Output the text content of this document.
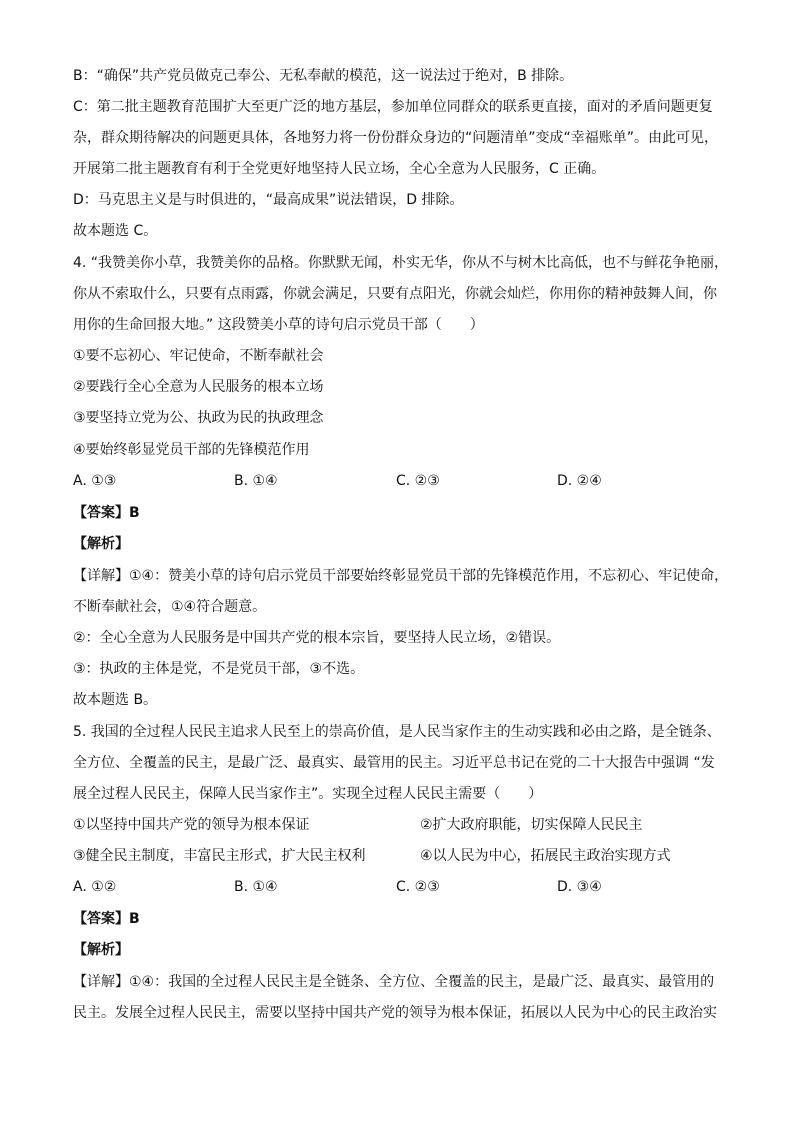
B：“确保”共产党员做克己奉公、无私奉献的模范，这一说法过于绝对，B 排除。
C：第二批主题教育范围扩大至更广泛的地方基层，参加单位同群众的联系更直接，面对的矛盾问题更复
杂，群众期待解决的问题更具体，各地努力将一份份群众身边的“问题清单”变成“幸福账单”。由此可见，
开展第二批主题教育有利于全党更好地坚持人民立场，全心全意为人民服务，C 正确。
D：马克思主义是与时俱进的，“最高成果”说法错误，D 排除。
故本题选 C。
4. “我赞美你小草，我赞美你的品格。你默默无闻，朴实无华，你从不与树木比高低，也不与鲜花争艳丽，
你从不索取什么，只要有点雨露，你就会满足，只要有点阳光，你就会灿烂，你用你的精神鼓舞人间，你
用你的生命回报大地。” 这段赞美小草的诗句启示党员干部（　　）
①要不忘初心、牢记使命，不断奉献社会
②要践行全心全意为人民服务的根本立场
③要坚持立党为公、执政为民的执政理念
④要始终彰显党员干部的先锋模范作用
A. ①③	B. ①④	C. ②③	D. ②④
【答案】B
【解析】
【详解】①④：赞美小草的诗句启示党员干部要始终彰显党员干部的先锋模范作用，不忘初心、牢记使命，
不断奉献社会，①④符合题意。
②：全心全意为人民服务是中国共产党的根本宗旨，要坚持人民立场，②错误。
③：执政的主体是党，不是党员干部，③不选。
故本题选 B。
5. 我国的全过程人民民主追求人民至上的崇高价值，是人民当家作主的生动实践和必由之路，是全链条、
全方位、全覆盖的民主，是最广泛、最真实、最管用的民主。习近平总书记在党的二十大报告中强调 “发
展全过程人民民主，保障人民当家作主”。实现全过程人民民主需要（　　）
①以坚持中国共产党的领导为根本保证	②扩大政府职能，切实保障人民民主
③健全民主制度，丰富民主形式，扩大民主权利	④以人民为中心，拓展民主政治实现方式
A. ①②	B. ①④	C. ②③	D. ③④
【答案】B
【解析】
【详解】①④：我国的全过程人民民主是全链条、全方位、全覆盖的民主，是最广泛、最真实、最管用的
民主。发展全过程人民民主，需要以坚持中国共产党的领导为根本保证，拓展以人民为中心的民主政治实
